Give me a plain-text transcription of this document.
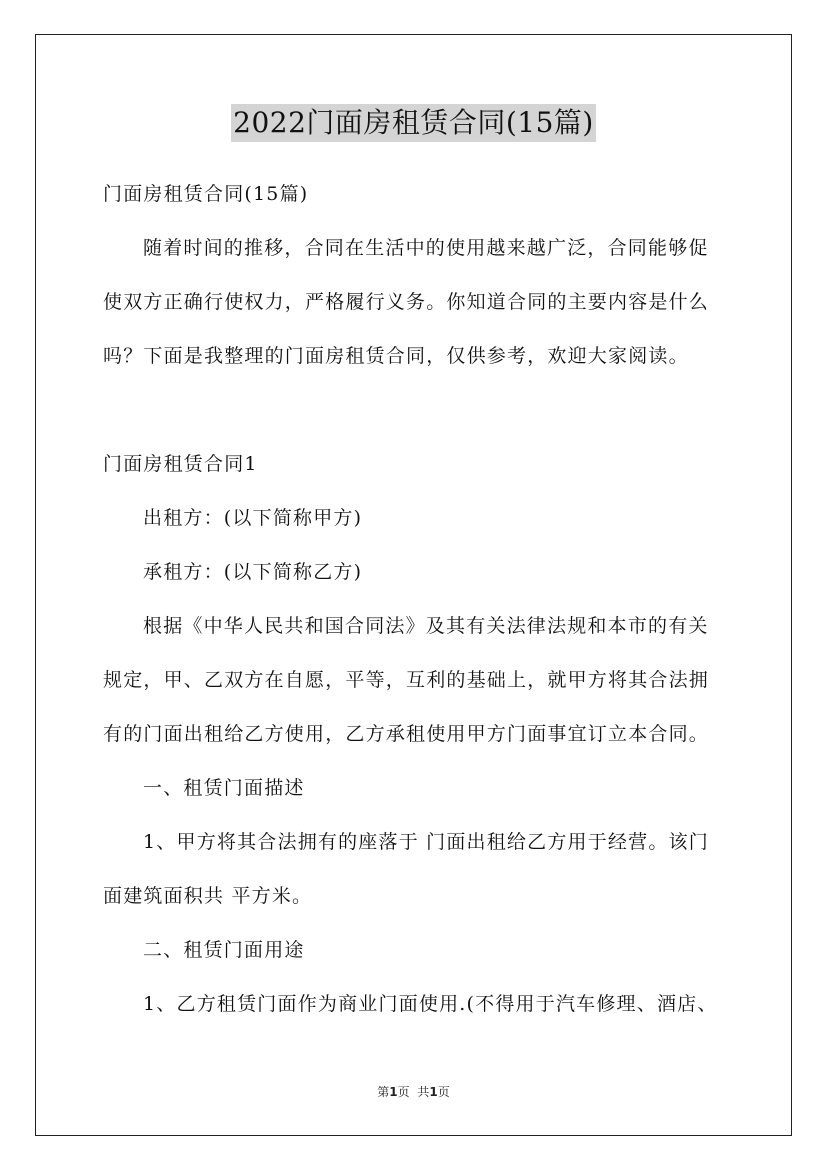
2022门面房租赁合同(15篇)
门面房租赁合同(15篇)
随着时间的推移，合同在生活中的使用越来越广泛，合同能够促
使双方正确行使权力，严格履行义务。你知道合同的主要内容是什么
吗？下面是我整理的门面房租赁合同，仅供参考，欢迎大家阅读。
门面房租赁合同1
出租方：(以下简称甲方)
承租方：(以下简称乙方)
根据《中华人民共和国合同法》及其有关法律法规和本市的有关
规定，甲、乙双方在自愿，平等，互利的基础上，就甲方将其合法拥
有的门面出租给乙方使用，乙方承租使用甲方门面事宜订立本合同。
一、租赁门面描述
1、甲方将其合法拥有的座落于 门面出租给乙方用于经营。该门
面建筑面积共 平方米。
二、租赁门面用途
1、乙方租赁门面作为商业门面使用.(不得用于汽车修理、酒店、
第1页 共1页
